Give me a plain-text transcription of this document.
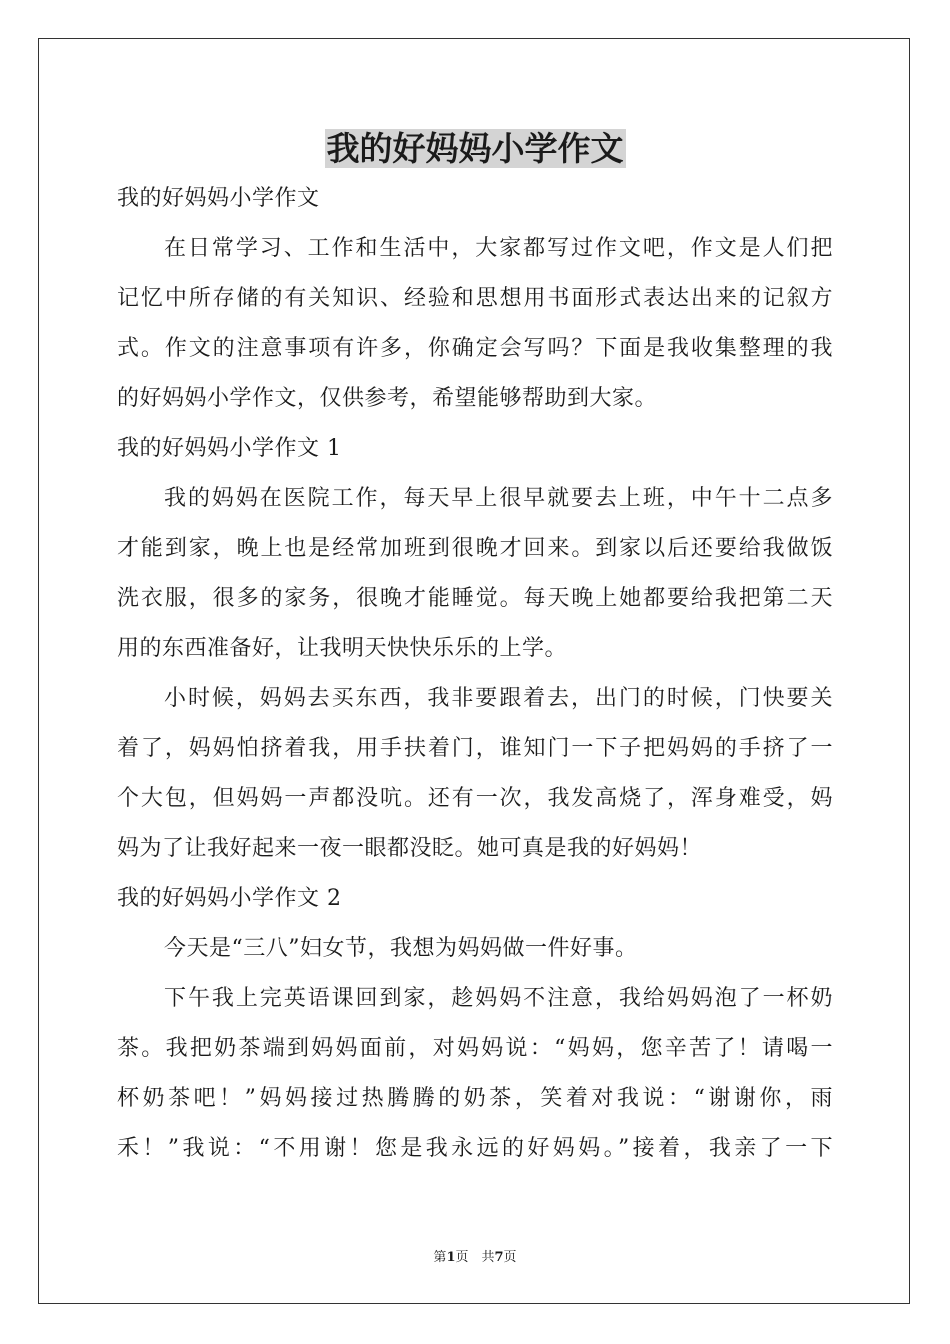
我的好妈妈小学作文
我的好妈妈小学作文
在日常学习、工作和生活中，大家都写过作文吧，作文是人们把
记忆中所存储的有关知识、经验和思想用书面形式表达出来的记叙方
式。作文的注意事项有许多，你确定会写吗？下面是我收集整理的我
的好妈妈小学作文，仅供参考，希望能够帮助到大家。
我的好妈妈小学作文 1
我的妈妈在医院工作，每天早上很早就要去上班，中午十二点多
才能到家，晚上也是经常加班到很晚才回来。到家以后还要给我做饭
洗衣服，很多的家务，很晚才能睡觉。每天晚上她都要给我把第二天
用的东西准备好，让我明天快快乐乐的上学。
小时候，妈妈去买东西，我非要跟着去，出门的时候，门快要关
着了，妈妈怕挤着我，用手扶着门，谁知门一下子把妈妈的手挤了一
个大包，但妈妈一声都没吭。还有一次，我发高烧了，浑身难受，妈
妈为了让我好起来一夜一眼都没眨。她可真是我的好妈妈！
我的好妈妈小学作文 2
今天是“三八”妇女节，我想为妈妈做一件好事。
下午我上完英语课回到家，趁妈妈不注意，我给妈妈泡了一杯奶
茶。我把奶茶端到妈妈面前，对妈妈说：“妈妈，您辛苦了！请喝一
杯奶茶吧！”妈妈接过热腾腾的奶茶，笑着对我说：“谢谢你，雨
禾！”我说：“不用谢！您是我永远的好妈妈。”接着，我亲了一下
第1页　共7页
